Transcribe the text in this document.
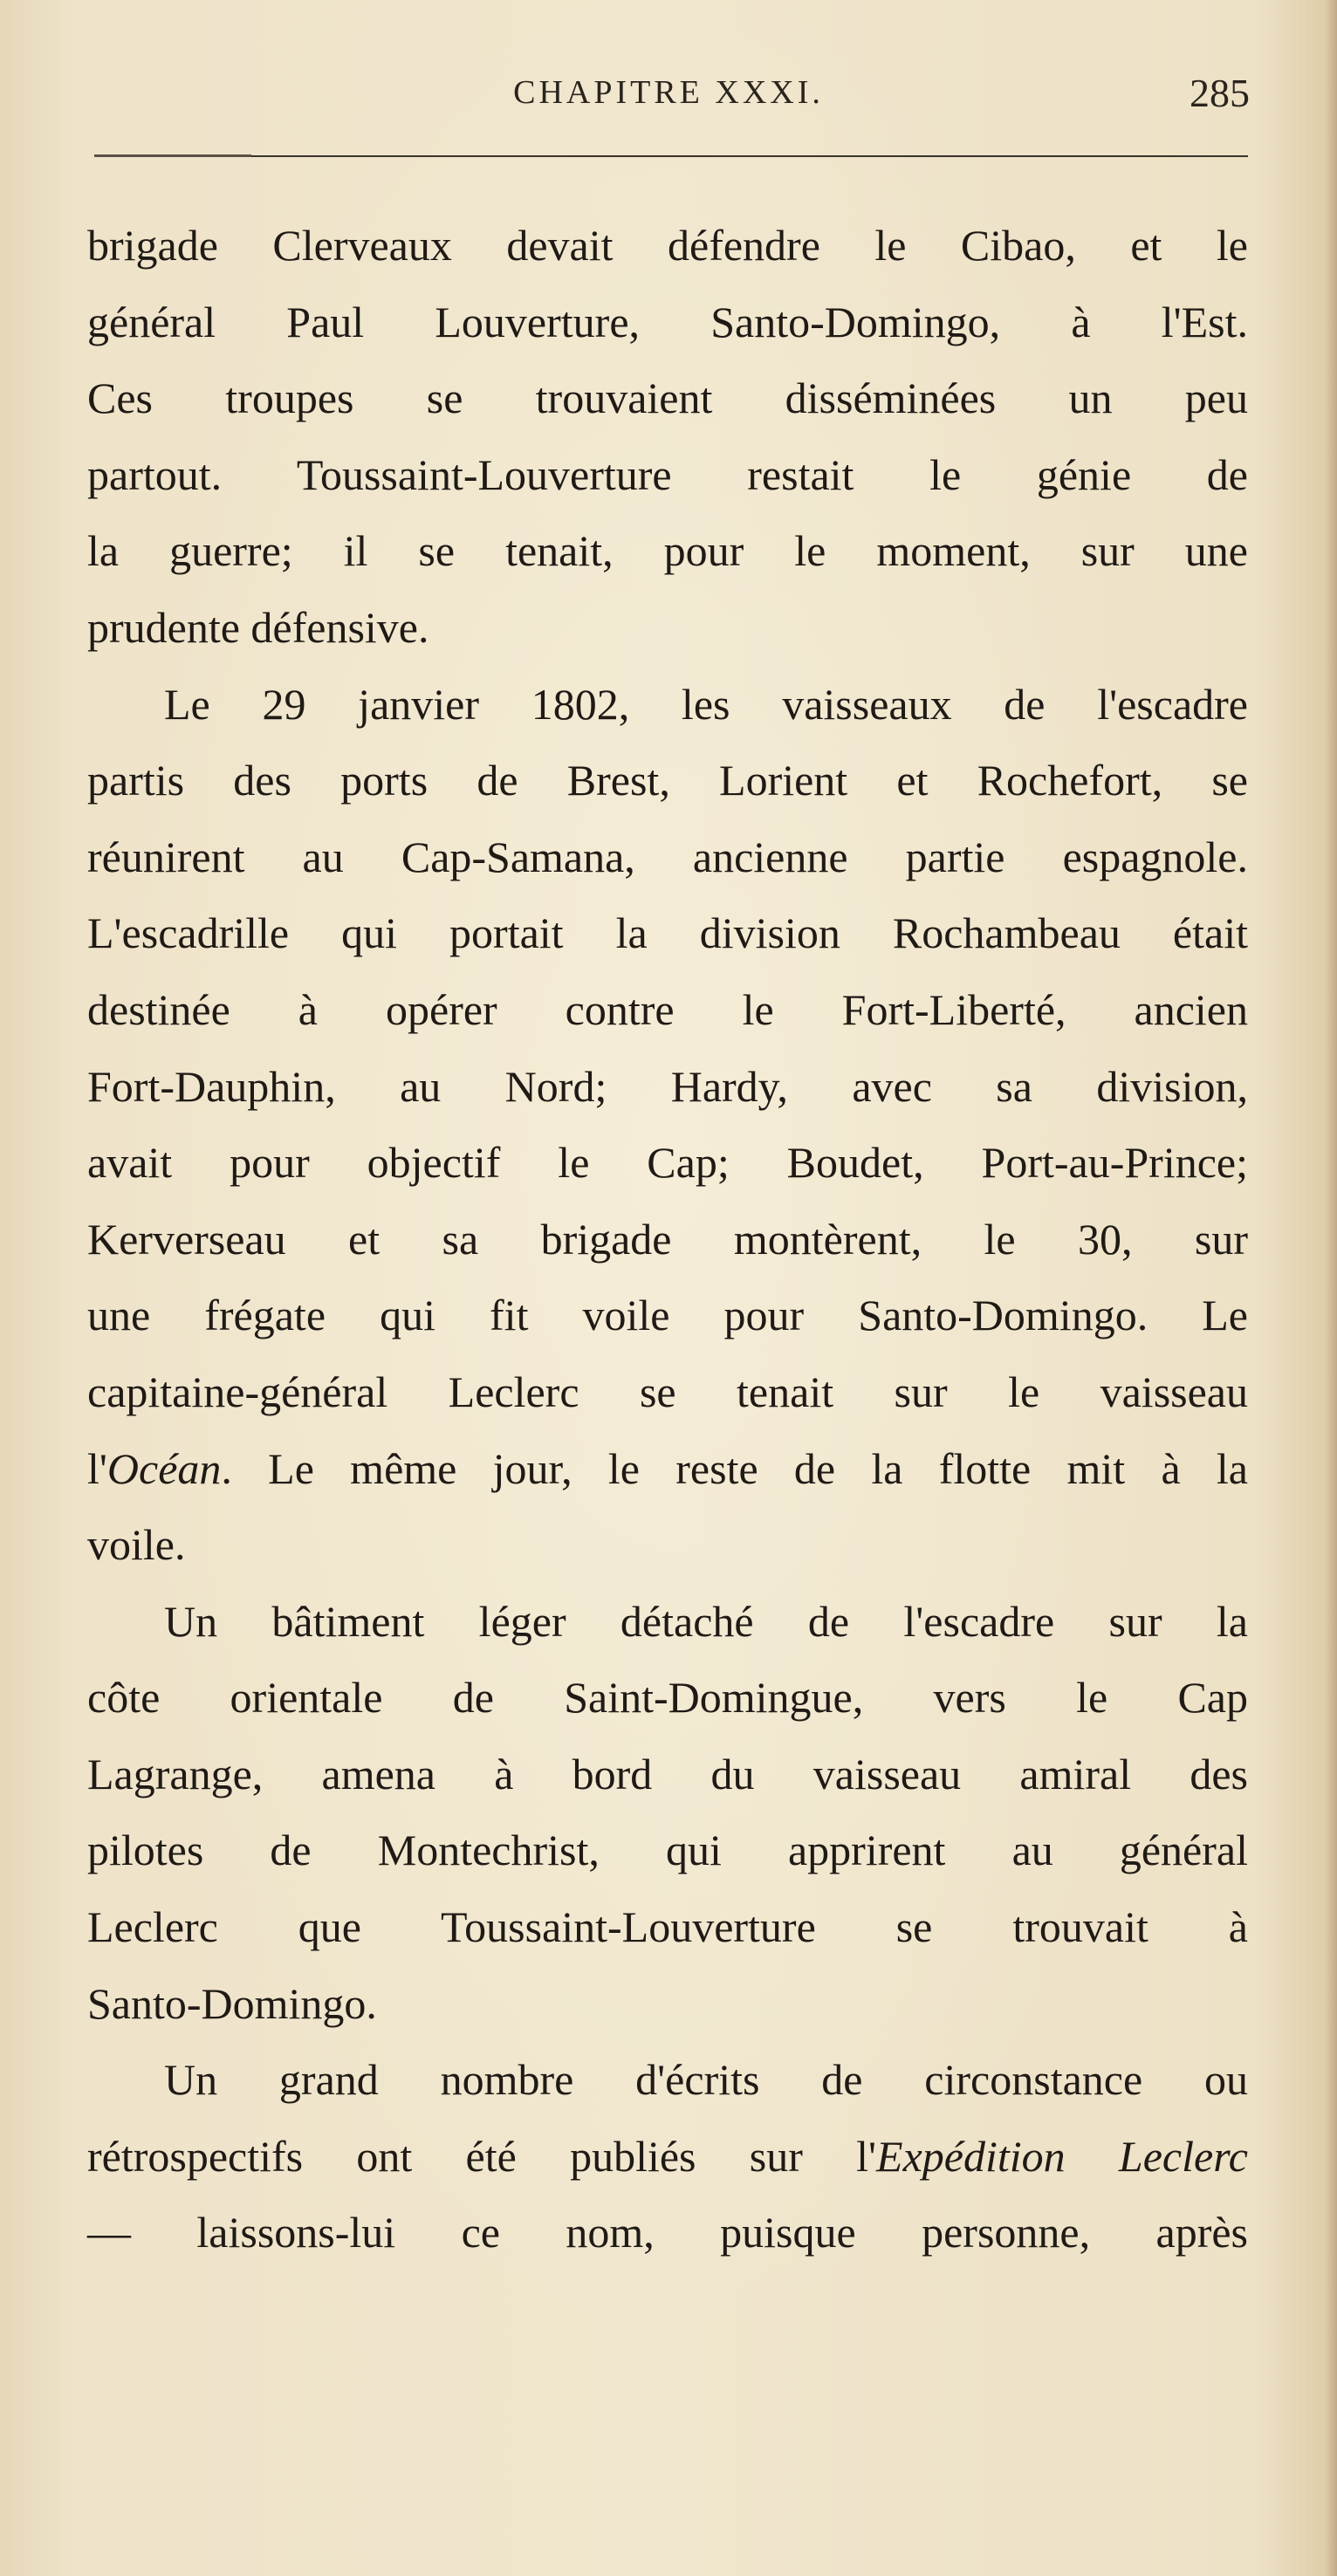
CHAPITRE XXXI.	285
brigade Clerveaux devait défendre le Cibao, et le
général Paul Louverture, Santo-Domingo, à l'Est.
Ces troupes se trouvaient disséminées un peu
partout. Toussaint-Louverture restait le génie de
la guerre; il se tenait, pour le moment, sur une
prudente défensive.
Le 29 janvier 1802, les vaisseaux de l'escadre
partis des ports de Brest, Lorient et Rochefort, se
réunirent au Cap-Samana, ancienne partie espagnole.
L'escadrille qui portait la division Rochambeau était
destinée à opérer contre le Fort-Liberté, ancien
Fort-Dauphin, au Nord; Hardy, avec sa division,
avait pour objectif le Cap; Boudet, Port-au-Prince;
Kerverseau et sa brigade montèrent, le 30, sur
une frégate qui fit voile pour Santo-Domingo. Le
capitaine-général Leclerc se tenait sur le vaisseau
l'Océan. Le même jour, le reste de la flotte mit à la
voile.
Un bâtiment léger détaché de l'escadre sur la
côte orientale de Saint-Domingue, vers le Cap
Lagrange, amena à bord du vaisseau amiral des
pilotes de Montechrist, qui apprirent au général
Leclerc que Toussaint-Louverture se trouvait à
Santo-Domingo.
Un grand nombre d'écrits de circonstance ou
rétrospectifs ont été publiés sur l'Expédition Leclerc
— laissons-lui ce nom, puisque personne, après
